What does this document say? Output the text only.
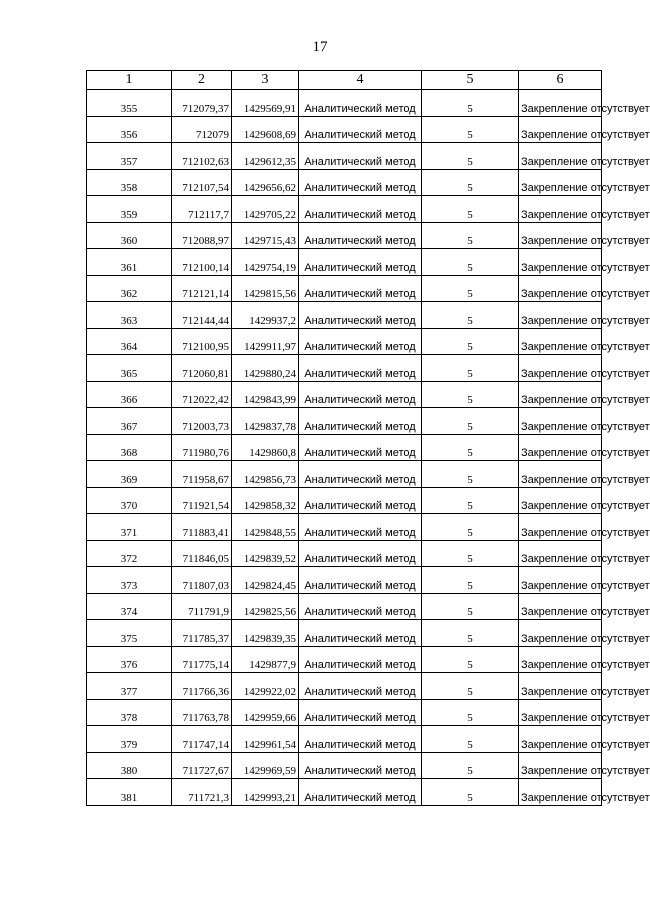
17
1	2	3	4	5	6
355	712079,37	1429569,91	Аналитический метод	5	Закрепление отсутствует
356	712079	1429608,69	Аналитический метод	5	Закрепление отсутствует
357	712102,63	1429612,35	Аналитический метод	5	Закрепление отсутствует
358	712107,54	1429656,62	Аналитический метод	5	Закрепление отсутствует
359	712117,7	1429705,22	Аналитический метод	5	Закрепление отсутствует
360	712088,97	1429715,43	Аналитический метод	5	Закрепление отсутствует
361	712100,14	1429754,19	Аналитический метод	5	Закрепление отсутствует
362	712121,14	1429815,56	Аналитический метод	5	Закрепление отсутствует
363	712144,44	1429937,2	Аналитический метод	5	Закрепление отсутствует
364	712100,95	1429911,97	Аналитический метод	5	Закрепление отсутствует
365	712060,81	1429880,24	Аналитический метод	5	Закрепление отсутствует
366	712022,42	1429843,99	Аналитический метод	5	Закрепление отсутствует
367	712003,73	1429837,78	Аналитический метод	5	Закрепление отсутствует
368	711980,76	1429860,8	Аналитический метод	5	Закрепление отсутствует
369	711958,67	1429856,73	Аналитический метод	5	Закрепление отсутствует
370	711921,54	1429858,32	Аналитический метод	5	Закрепление отсутствует
371	711883,41	1429848,55	Аналитический метод	5	Закрепление отсутствует
372	711846,05	1429839,52	Аналитический метод	5	Закрепление отсутствует
373	711807,03	1429824,45	Аналитический метод	5	Закрепление отсутствует
374	711791,9	1429825,56	Аналитический метод	5	Закрепление отсутствует
375	711785,37	1429839,35	Аналитический метод	5	Закрепление отсутствует
376	711775,14	1429877,9	Аналитический метод	5	Закрепление отсутствует
377	711766,36	1429922,02	Аналитический метод	5	Закрепление отсутствует
378	711763,78	1429959,66	Аналитический метод	5	Закрепление отсутствует
379	711747,14	1429961,54	Аналитический метод	5	Закрепление отсутствует
380	711727,67	1429969,59	Аналитический метод	5	Закрепление отсутствует
381	711721,3	1429993,21	Аналитический метод	5	Закрепление отсутствует
